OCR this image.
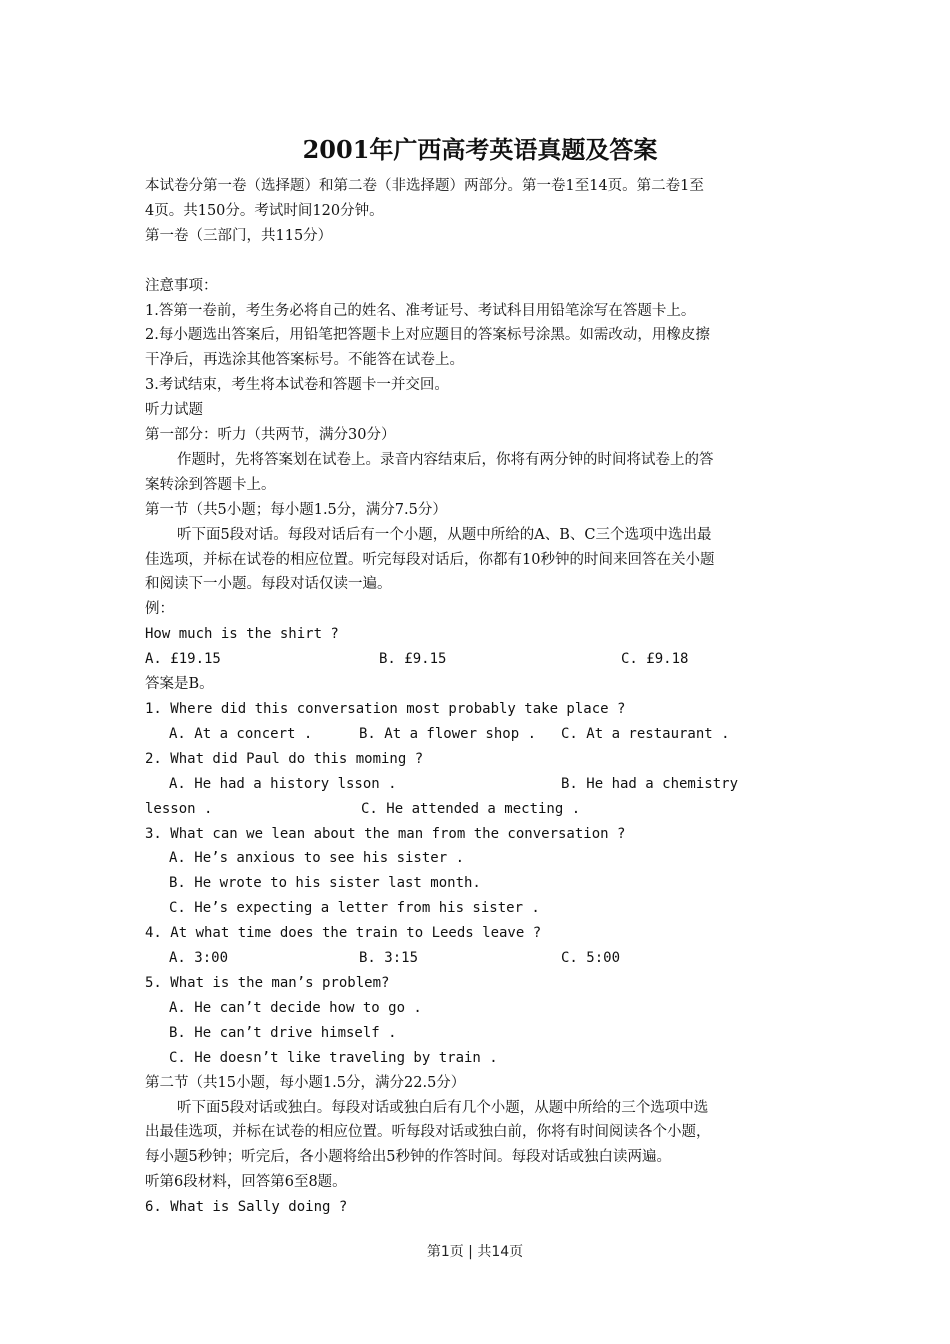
2001年广西高考英语真题及答案
本试卷分第一卷（选择题）和第二卷（非选择题）两部分。第一卷1至14页。第二卷1至
4页。共150分。考试时间120分钟。
第一卷（三部门，共115分）
注意事项：
1.答第一卷前，考生务必将自己的姓名、准考证号、考试科目用铅笔涂写在答题卡上。
2.每小题选出答案后，用铅笔把答题卡上对应题目的答案标号涂黑。如需改动，用橡皮擦
干净后，再选涂其他答案标号。不能答在试卷上。
3.考试结束，考生将本试卷和答题卡一并交回。
听力试题
第一部分：听力（共两节，满分30分）
作题时，先将答案划在试卷上。录音内容结束后，你将有两分钟的时间将试卷上的答
案转涂到答题卡上。
第一节（共5小题；每小题1.5分，满分7.5分）
听下面5段对话。每段对话后有一个小题，从题中所给的A、B、C三个选项中选出最
佳选项，并标在试卷的相应位置。听完每段对话后，你都有10秒钟的时间来回答在关小题
和阅读下一小题。每段对话仅读一遍。
例：
How much is the shirt ?
A. £19.15	B. £9.15	C. £9.18
答案是B。
1. Where did this conversation most probably take place ?
A. At a concert .	B. At a flower shop .	C. At a restaurant .
2. What did Paul do this moming ?
A. He had a history lsson .	B. He had a chemistry
lesson .	C. He attended a mecting .
3. What can we lean about the man from the conversation ?
A. He’s anxious to see his sister .
B. He wrote to his sister last month.
C. He’s expecting a letter from his sister .
4. At what time does the train to Leeds leave ?
A. 3:00	B. 3:15	C. 5:00
5. What is the man’s problem?
A. He can’t decide how to go .
B. He can’t drive himself .
C. He doesn’t like traveling by train .
第二节（共15小题，每小题1.5分，满分22.5分）
听下面5段对话或独白。每段对话或独白后有几个小题，从题中所给的三个选项中选
出最佳选项，并标在试卷的相应位置。听每段对话或独白前，你将有时间阅读各个小题，
每小题5秒钟；听完后，各小题将给出5秒钟的作答时间。每段对话或独白读两遍。
听第6段材料，回答第6至8题。
6. What is Sally doing ?
第1页 | 共14页
